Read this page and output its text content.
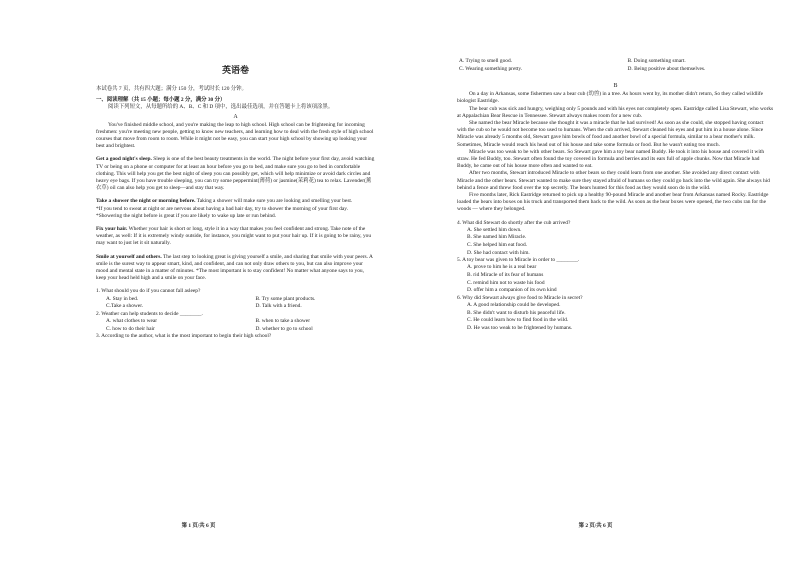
英语卷

本试卷共 7 页，共有四大题；满分 150 分，考试时长 120 分钟。

一、阅读理解（共 15 小题；每小题 2 分，满分 30 分）

阅读下列短文，从每题所给的 A、B、C 和 D 项中，选出最佳选项，并在答题卡上将该项涂黑。

A

You've finished middle school, and you're making the leap to high school. High school can be frightening for incoming freshmen: you're meeting new people, getting to know new teachers, and learning how to deal with the fresh style of high school courses that move from room to room. While it might not be easy, you can start your high school by showing up looking your best and brightest.

Get a good night's sleep. Sleep is one of the best beauty treatments in the world. The night before your first day, avoid watching TV or being on a phone or computer for at least an hour before you go to bed, and make sure you go to bed in comfortable clothing. This will help you get the best night of sleep you can possibly get, which will help minimize or avoid dark circles and heavy eye bags. If you have trouble sleeping, you can try some peppermint(薄荷) or jasmine(茉莉花) tea to relax. Lavender(薰衣草) oil can also help you get to sleep—and stay that way.

Take a shower the night or morning before. Taking a shower will make sure you are looking and smelling your best.

*If you tend to sweat at night or are nervous about having a bad hair day, try to shower the morning of your first day.

*Showering the night before is great if you are likely to wake up late or run behind.

Fix your hair. Whether your hair is short or long, style it in a way that makes you feel confident and strong. Take note of the weather, as well: If it is extremely windy outside, for instance, you might want to put your hair up. If it is going to be rainy, you may want to just let it sit naturally.

Smile at yourself and others. The last step to looking great is giving yourself a smile, and sharing that smile with your peers. A smile is the surest way to appear smart, kind, and confident, and can not only draw others to you, but can also improve your mood and mental state in a matter of minutes. *The most important is to stay confident! No matter what anyone says to you, keep your head held high and a smile on your face.

1. What should you do if you cannot fall asleep?

A. Stay in bed.	B. Try some plant products.
C.Take a shower.	D. Talk with a friend.

2. Weather can help students to decide ________.

A. what clothes to wear	B. when to take a shower
C. how to do their hair	D. whether to go to school

3. According to the author, what is the most important to begin their high school?

第 1 页/共 6 页
A. Trying to smell good.	B. Doing something smart.
C. Wearing something pretty.	D. Being positive about themselves.

B

On a day in Arkansas, some fishermen saw a bear cub (幼兽) in a tree. As hours went by, its mother didn't return, So they called wildlife biologist Eastridge.

The bear cub was sick and hungry, weighing only 5 pounds and with his eyes not completely open. Eastridge called Lisa Stewart, who works at Appalachian Bear Rescue in Tennessee. Stewart always makes room for a new cub.

She named the bear Miracle because she thought it was a miracle that he had survived! As soon as she could, she stopped having contact with the cub so he would not become too used to humans. When the cub arrived, Stewart cleaned his eyes and put him in a house alone. Since Miracle was already 5 months old, Stewart gave him bowls of food and another bowl of a special formula, similar to a bear mother's milk. Sometimes, Miracle would reach his head out of his house and take some formula or food. But he wasn't eating too much.

Miracle was too weak to be with other bears. So Stewart gave him a toy bear named Buddy. He took it into his house and covered it with straw. He fed Buddy, too. Stewart often found the toy covered in formula and berries and its ears full of apple chunks. Now that Miracle had Buddy, he came out of his house more often and wanted to eat.

After two months, Stewart introduced Miracle to other bears so they could learn from one another. She avoided any direct contact with Miracle and the other bears. Stewart wanted to make sure they stayed afraid of humans so they could go back into the wild again. She always hid behind a fence and threw food over the top secretly. The bears hunted for this food as they would soon do in the wild.

Five months later, Rick Eastridge returned to pick up a healthy 90-pound Miracle and another bear from Arkansas named Rocky. Eastridge loaded the bears into boxes on his truck and transported them back to the wild. As soon as the bear boxes were opened, the two cubs ran for the woods — where they belonged.

4. What did Stewart do shortly after the cub arrived?

A. She settled him down.

B. She named him Miracle.

C. She helped him eat food.

D. She had contact with him.

5. A toy bear was given to Miracle in order to ________.

A. prove to him he is a real bear

B. rid Miracle of its fear of humans

C. remind him not to waste his food

D. offer him a companion of its own kind

6. Why did Stewart always give food to Miracle in secret?

A. A good relationship could be developed.

B. She didn't want to disturb his peaceful life.

C. He could learn how to find food in the wild.

D. He was too weak to be frightened by humans.

第 2 页/共 6 页
